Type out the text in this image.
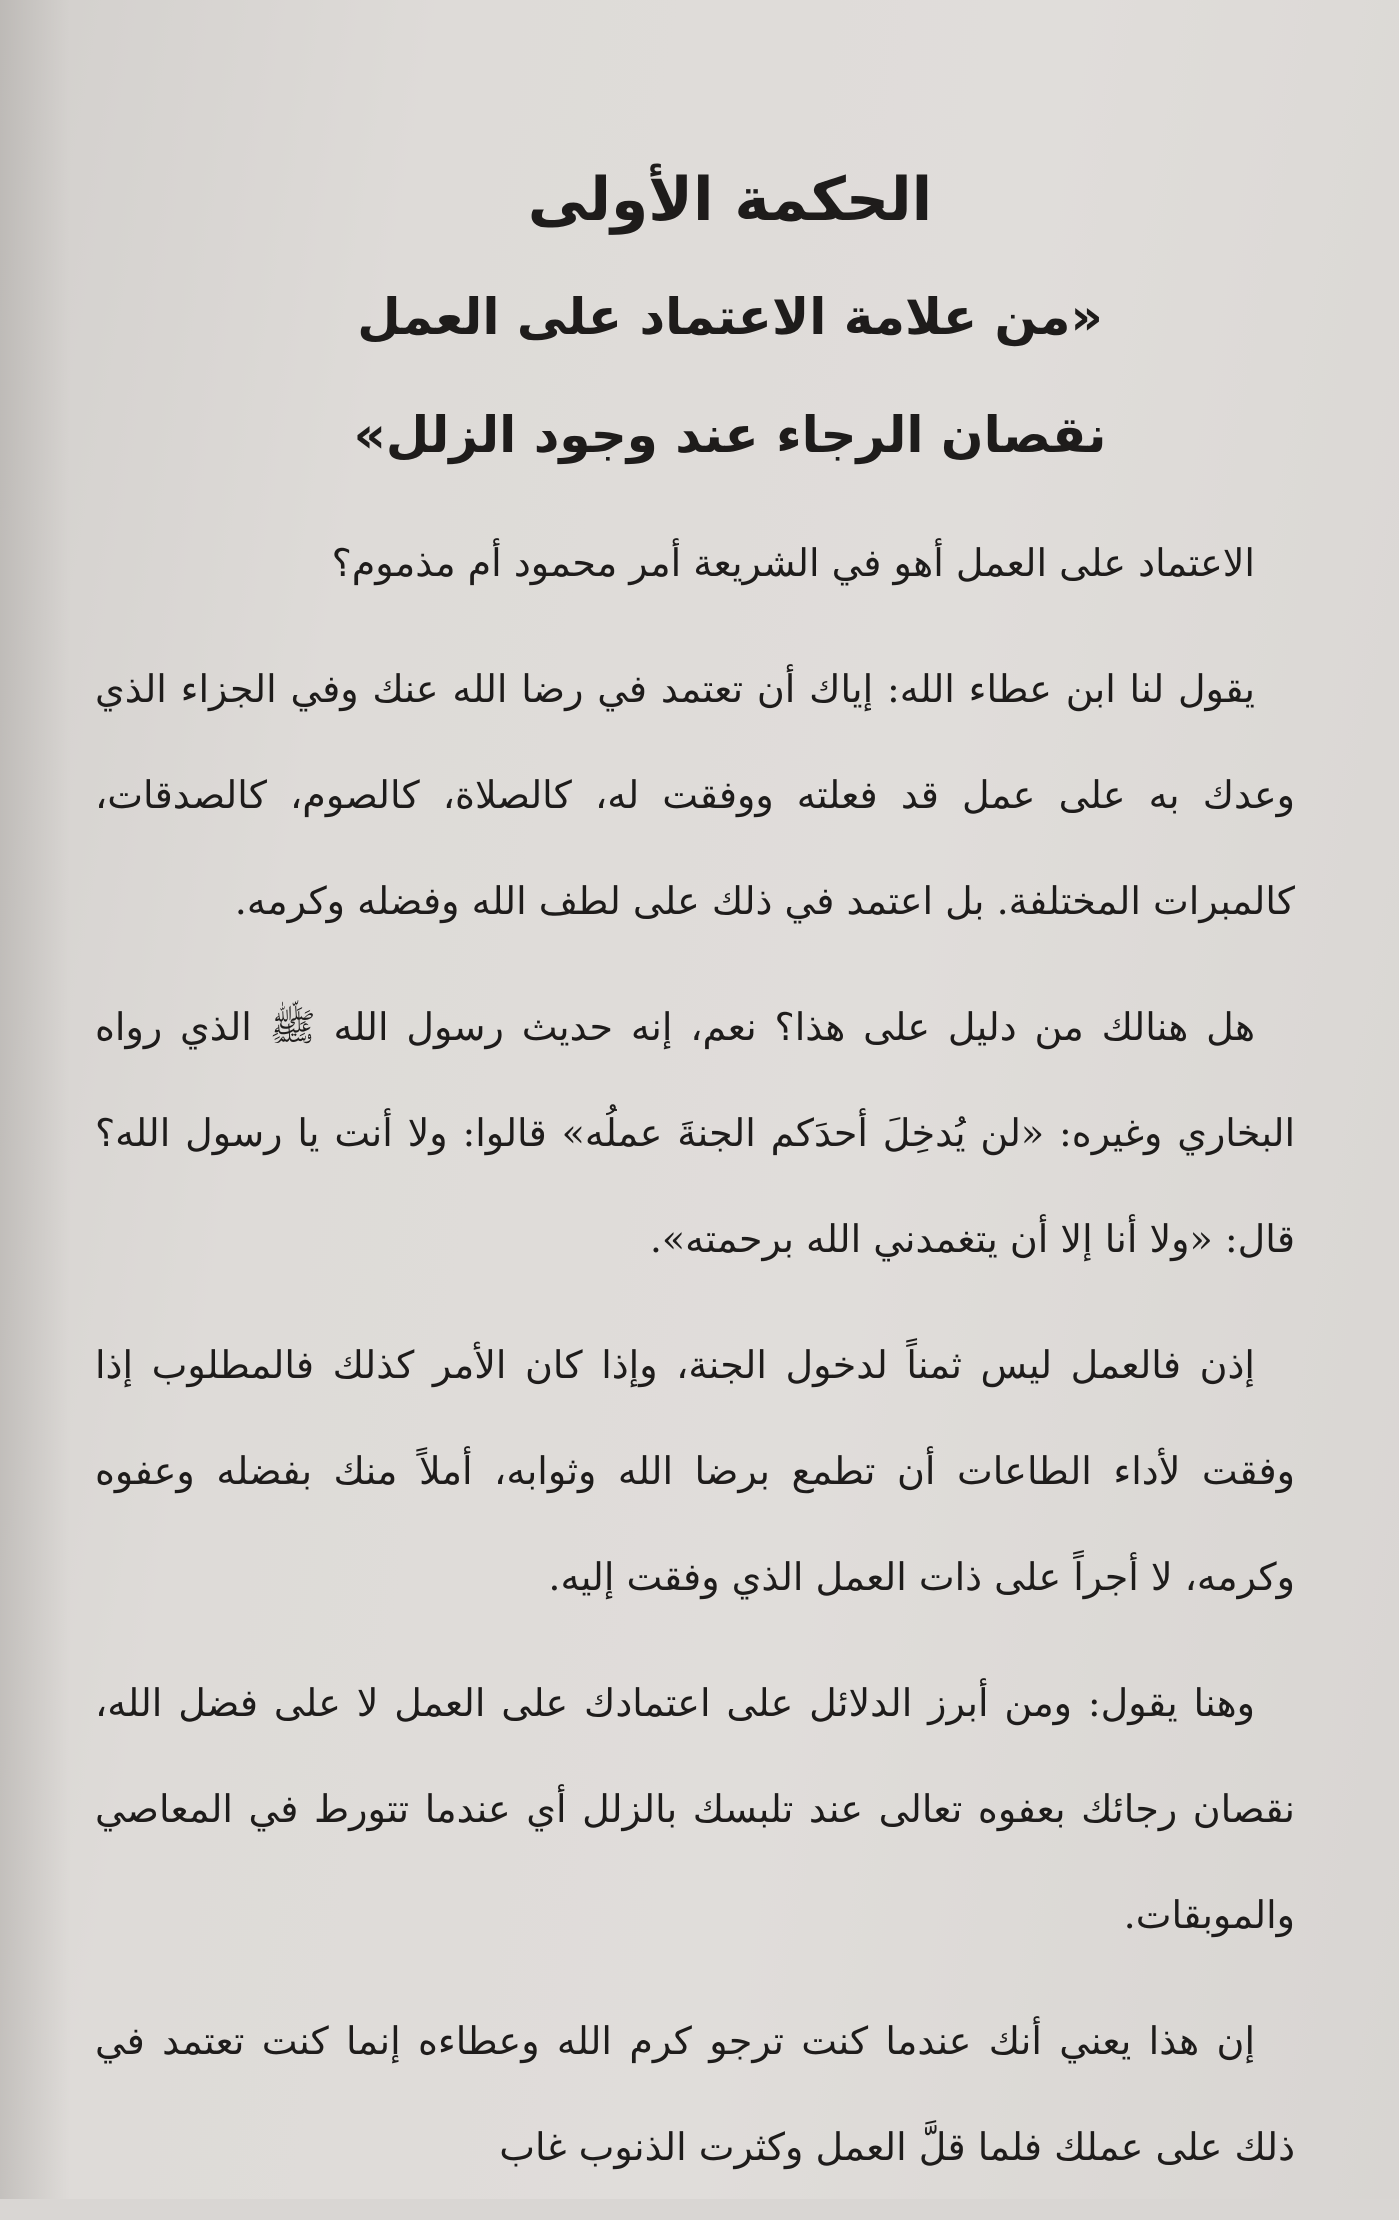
الحكمة الأولى
«من علامة الاعتماد على العمل
نقصان الرجاء عند وجود الزلل»

الاعتماد على العمل أهو في الشريعة أمر محمود أم مذموم؟

يقول لنا ابن عطاء الله: إياك أن تعتمد في رضا الله عنك وفي الجزاء الذي وعدك به على عمل قد فعلته ووفقت له، كالصلاة، كالصوم، كالصدقات، كالمبرات المختلفة. بل اعتمد في ذلك على لطف الله وفضله وكرمه.

هل هنالك من دليل على هذا؟ نعم، إنه حديث رسول الله ﷺ الذي رواه البخاري وغيره: «لن يُدخِلَ أحدَكم الجنةَ عملُه» قالوا: ولا أنت يا رسول الله؟ قال: «ولا أنا إلا أن يتغمدني الله برحمته».

إذن فالعمل ليس ثمناً لدخول الجنة، وإذا كان الأمر كذلك فالمطلوب إذا وفقت لأداء الطاعات أن تطمع برضا الله وثوابه، أملاً منك بفضله وعفوه وكرمه، لا أجراً على ذات العمل الذي وفقت إليه.

وهنا يقول: ومن أبرز الدلائل على اعتمادك على العمل لا على فضل الله، نقصان رجائك بعفوه تعالى عند تلبسك بالزلل أي عندما تتورط في المعاصي والموبقات.

إن هذا يعني أنك عندما كنت ترجو كرم الله وعطاءه إنما كنت تعتمد في ذلك على عملك فلما قلَّ العمل وكثرت الذنوب غاب
